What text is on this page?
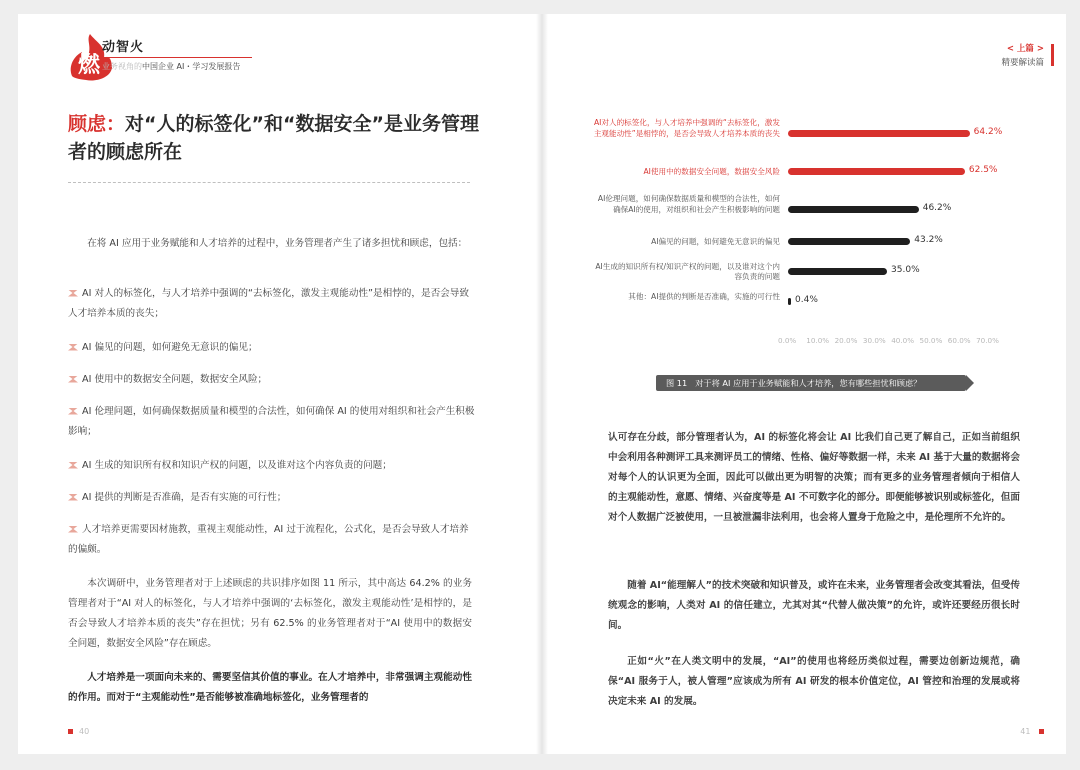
燃
动智火
业务视角的中国企业 AI・学习发展报告
顾虑：对“人的标签化”和“数据安全”是业务管理者的顾虑所在
在将 AI 应用于业务赋能和人才培养的过程中，业务管理者产生了诸多担忧和顾虑，包括：
AI 对人的标签化，与人才培养中强调的“去标签化，激发主观能动性”是相悖的，是否会导致人才培养本质的丧失；
AI 偏见的问题，如何避免无意识的偏见；
AI 使用中的数据安全问题，数据安全风险；
AI 伦理问题，如何确保数据质量和模型的合法性，如何确保 AI 的使用对组织和社会产生积极影响；
AI 生成的知识所有权和知识产权的问题，以及谁对这个内容负责的问题；
AI 提供的判断是否准确，是否有实施的可行性；
人才培养更需要因材施教，重视主观能动性，AI 过于流程化，公式化，是否会导致人才培养的偏颇。
本次调研中，业务管理者对于上述顾虑的共识排序如图 11 所示，其中高达 64.2% 的业务管理者对于“AI 对人的标签化，与人才培养中强调的‘去标签化，激发主观能动性’是相悖的，是否会导致人才培养本质的丧失”存在担忧；另有 62.5% 的业务管理者对于“AI 使用中的数据安全问题，数据安全风险”存在顾虑。
人才培养是一项面向未来的、需要坚信其价值的事业。在人才培养中，非常强调主观能动性的作用。而对于“主观能动性”是否能够被准确地标签化，业务管理者的
40
< 上篇 >
精要解读篇
AI对人的标签化，与人才培养中强调的“去标签化，激发主观能动性”是相悖的，是否会导致人才培养本质的丧失	64.2%
AI使用中的数据安全问题，数据安全风险	62.5%
AI伦理问题，如何确保数据质量和模型的合法性，如何确保AI的使用，对组织和社会产生积极影响的问题	46.2%
AI偏见的问题，如何避免无意识的偏见	43.2%
AI生成的知识所有权/知识产权的问题，以及谁对这个内容负责的问题
35.0%
其他：AI提供的判断是否准确，实施的可行性 0.4%
0.0% 10.0% 20.0% 30.0% 40.0% 50.0% 60.0% 70.0%
图 11 对于将 AI 应用于业务赋能和人才培养，您有哪些担忧和顾虑？
认可存在分歧，部分管理者认为，AI 的标签化将会让 AI 比我们自己更了解自己，正如当前组织中会利用各种测评工具来测评员工的情绪、性格、偏好等数据一样，未来 AI 基于大量的数据将会对每个人的认识更为全面，因此可以做出更为明智的决策；而有更多的业务管理者倾向于相信人的主观能动性，意愿、情绪、兴奋度等是 AI 不可数字化的部分。即便能够被识别或标签化，但面对个人数据广泛被使用，一旦被泄漏非法利用，也会将人置身于危险之中，是伦理所不允许的。
随着 AI“能理解人”的技术突破和知识普及，或许在未来，业务管理者会改变其看法，但受传统观念的影响，人类对 AI 的信任建立，尤其对其“代替人做决策”的允许，或许还要经历很长时间。
正如“火”在人类文明中的发展，“AI”的使用也将经历类似过程，需要边创新边规范，确保“AI 服务于人，被人管理”应该成为所有 AI 研发的根本价值定位，AI 管控和治理的发展或将决定未来 AI 的发展。
41
